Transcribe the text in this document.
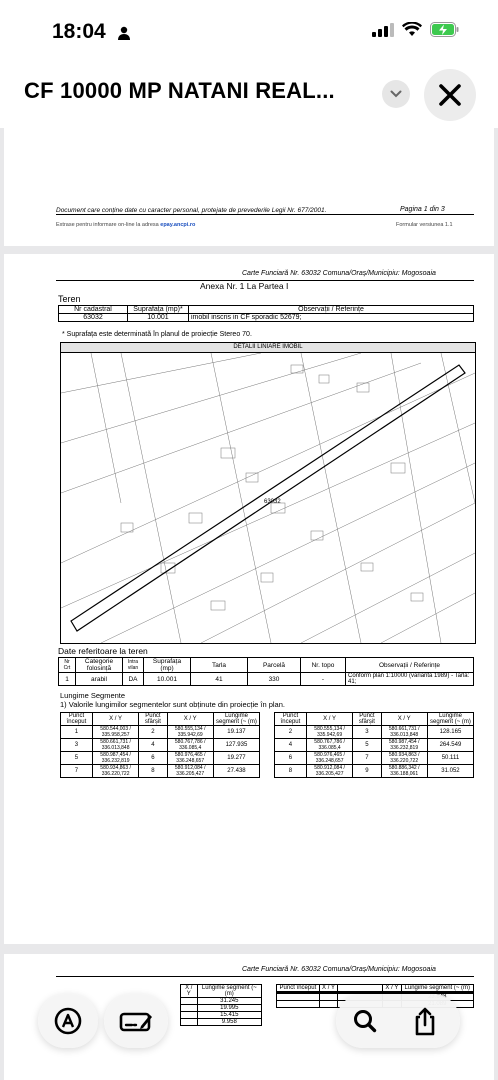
18:04
CF 10000 MP NATANI REAL...
Document care conține date cu caracter personal, protejate de prevederile Legii Nr. 677/2001.	Pagina 1 din 3
Extrase pentru informare on-line la adresa epay.ancpi.ro	Formular versiunea 1.1
Carte Funciară Nr. 63032 Comuna/Oraș/Municipiu: Mogosoaia
Anexa Nr. 1 La Partea I
Teren
Nr cadastral	Suprafața (mp)*	Observații / Referințe
63032	10.001	imobil inscris in CF sporadic 52679;
* Suprafața este determinată în planul de proiecție Stereo 70.
DETALII LINIARE IMOBIL
63032
Date referitoare la teren
Nr Crt	Categorie folosință	Intra vilan	Suprafața (mp)	Tarla	Parcelă	Nr. topo	Observații / Referințe
1	arabil	DA	10.001	41	330	-	Conform plan 1:10000 (varianta 1989) - Tarla: 41;
Lungime Segmente
1) Valorile lungimilor segmentelor sunt obținute din proiecție în plan.
Punct început	X / Y	Punct sfârșit	X / Y	Lungime segment (~ (m)
1	580.544,003 / 335.958,257	2	580.555,134 / 335.942,69	19.137
3	580.661,731 / 336.013,848	4	580.767,786 / 336.085,4	127.935
5	580.987,454 / 336.232,819	6	580.976,465 / 336.248,657	19.277
7	580.934,863 / 336.220,722	8	580.912,084 / 336.205,427	27.438
Punct început	X / Y	Punct sfârșit	X / Y	Lungime segment (~ (m)
2	580.555,134 / 335.942,69	3	580.661,731 / 336.013,848	128.165
4	580.767,786 / 336.085,4	5	580.987,454 / 336.232,819	264.549
6	580.976,465 / 336.248,657	7	580.934,863 / 336.220,722	50.111
8	580.912,084 / 336.205,427	9	580.886,342 / 336.188,061	31.052
Carte Funciară Nr. 63032 Comuna/Oraș/Municipiu: Mogosoaia
X / Y	Lungime segment (~ (m)
	31.245
	19.995
	15.415
	9.958
Punct început	X / Y		X / Y	Lungime segment (~ (m)
